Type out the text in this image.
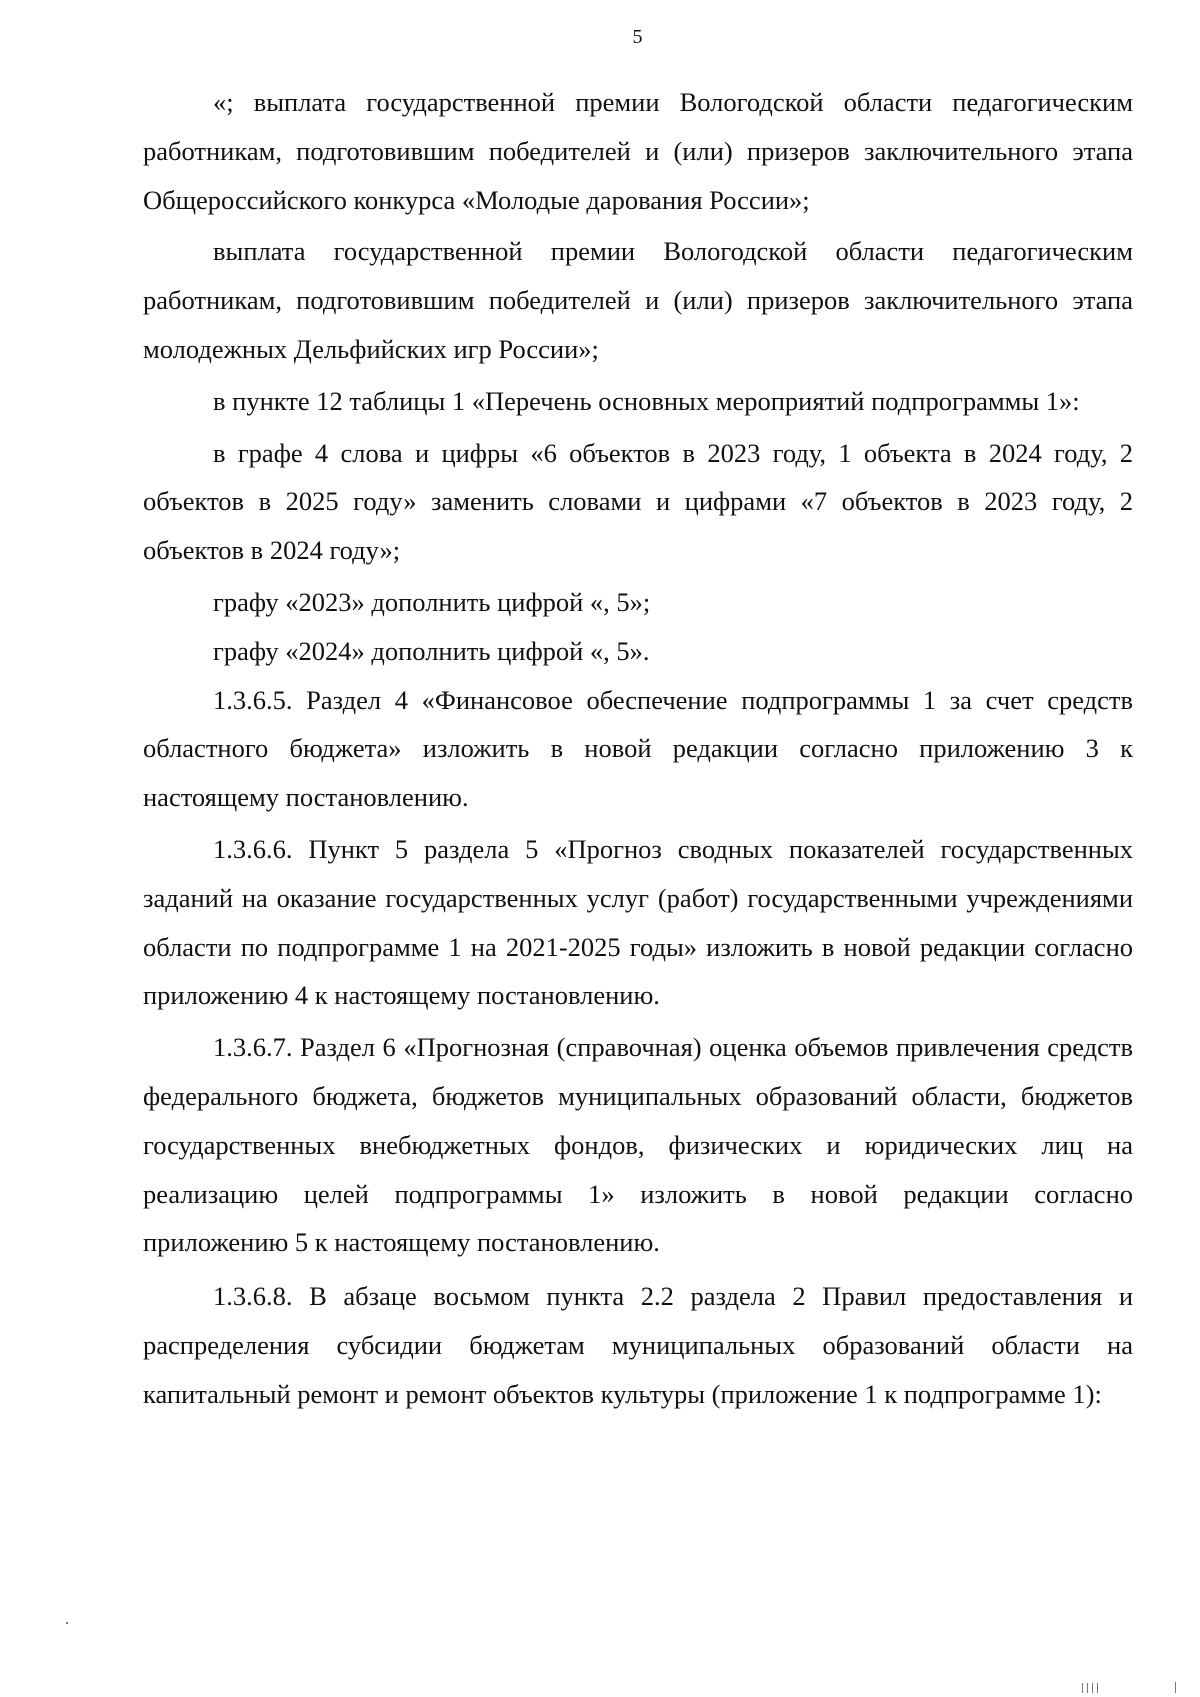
5

«; выплата государственной премии Вологодской области педагогическим работникам, подготовившим победителей и (или) призеров заключительного этапа Общероссийского конкурса «Молодые дарования России»;

выплата государственной премии Вологодской области педагогическим работникам, подготовившим победителей и (или) призеров заключительного этапа молодежных Дельфийских игр России»;

в пункте 12 таблицы 1 «Перечень основных мероприятий подпрограммы 1»:

в графе 4 слова и цифры «6 объектов в 2023 году, 1 объекта в 2024 году, 2 объектов в 2025 году» заменить словами и цифрами «7 объектов в 2023 году, 2 объектов в 2024 году»;

графу «2023» дополнить цифрой «, 5»;

графу «2024» дополнить цифрой «, 5».

1.3.6.5. Раздел 4 «Финансовое обеспечение подпрограммы 1 за счет средств областного бюджета» изложить в новой редакции согласно приложению 3 к настоящему постановлению.

1.3.6.6. Пункт 5 раздела 5 «Прогноз сводных показателей государственных заданий на оказание государственных услуг (работ) государственными учреждениями области по подпрограмме 1 на 2021-2025 годы» изложить в новой редакции согласно приложению 4 к настоящему постановлению.

1.3.6.7. Раздел 6 «Прогнозная (справочная) оценка объемов привлечения средств федерального бюджета, бюджетов муниципальных образований области, бюджетов государственных внебюджетных фондов, физических и юридических лиц на реализацию целей подпрограммы 1» изложить в новой редакции согласно приложению 5 к настоящему постановлению.

1.3.6.8. В абзаце восьмом пункта 2.2 раздела 2 Правил предоставления и распределения субсидии бюджетам муниципальных образований области на капитальный ремонт и ремонт объектов культуры (приложение 1 к подпрограмме 1):
